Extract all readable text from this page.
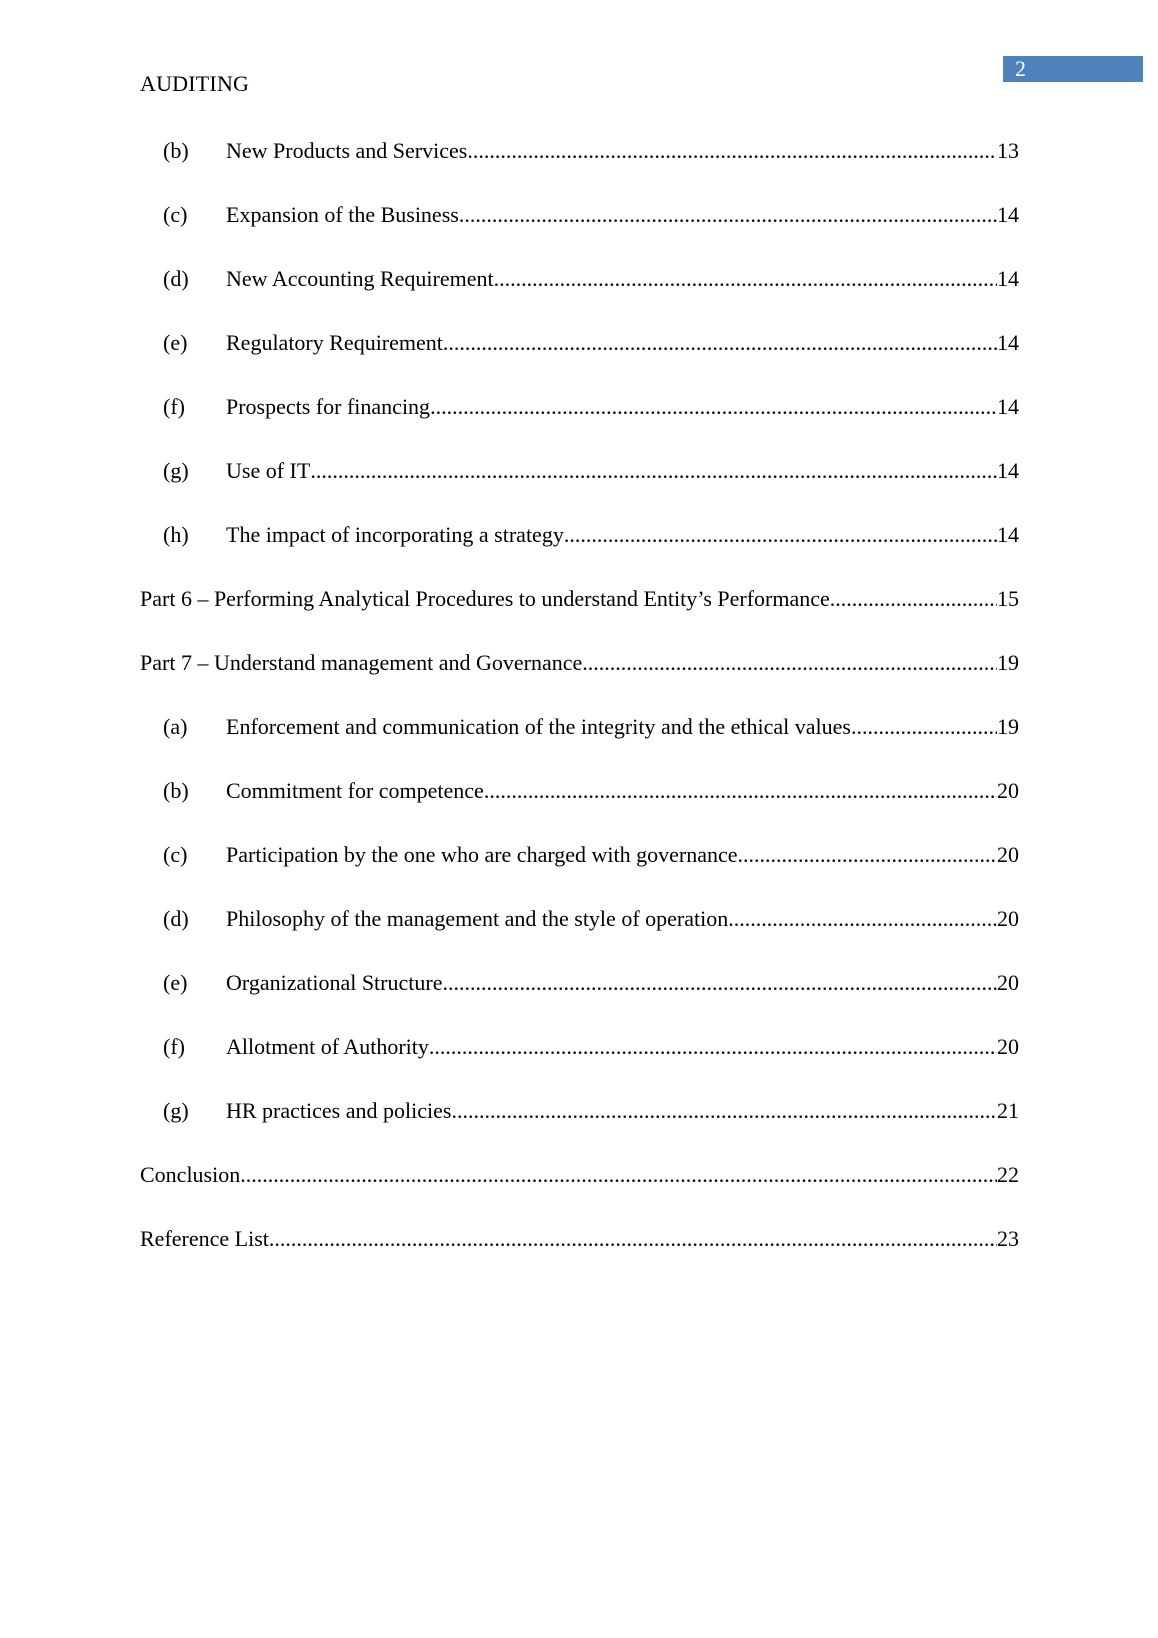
2
AUDITING
(b)	New Products and Services .....	13
(c)	Expansion of the Business .....	14
(d)	New Accounting Requirement .....	14
(e)	Regulatory Requirement .....	14
(f)	Prospects for financing .....	14
(g)	Use of IT .....	14
(h)	The impact of incorporating a strategy .....	14
Part 6 – Performing Analytical Procedures to understand Entity’s Performance .....	15
Part 7 – Understand management and Governance .....	19
(a)	Enforcement and communication of the integrity and the ethical values .....	19
(b)	Commitment for competence .....	20
(c)	Participation by the one who are charged with governance .....	20
(d)	Philosophy of the management and the style of operation .....	20
(e)	Organizational Structure .....	20
(f)	Allotment of Authority .....	20
(g)	HR practices and policies .....	21
Conclusion .....	22
Reference List .....	23
